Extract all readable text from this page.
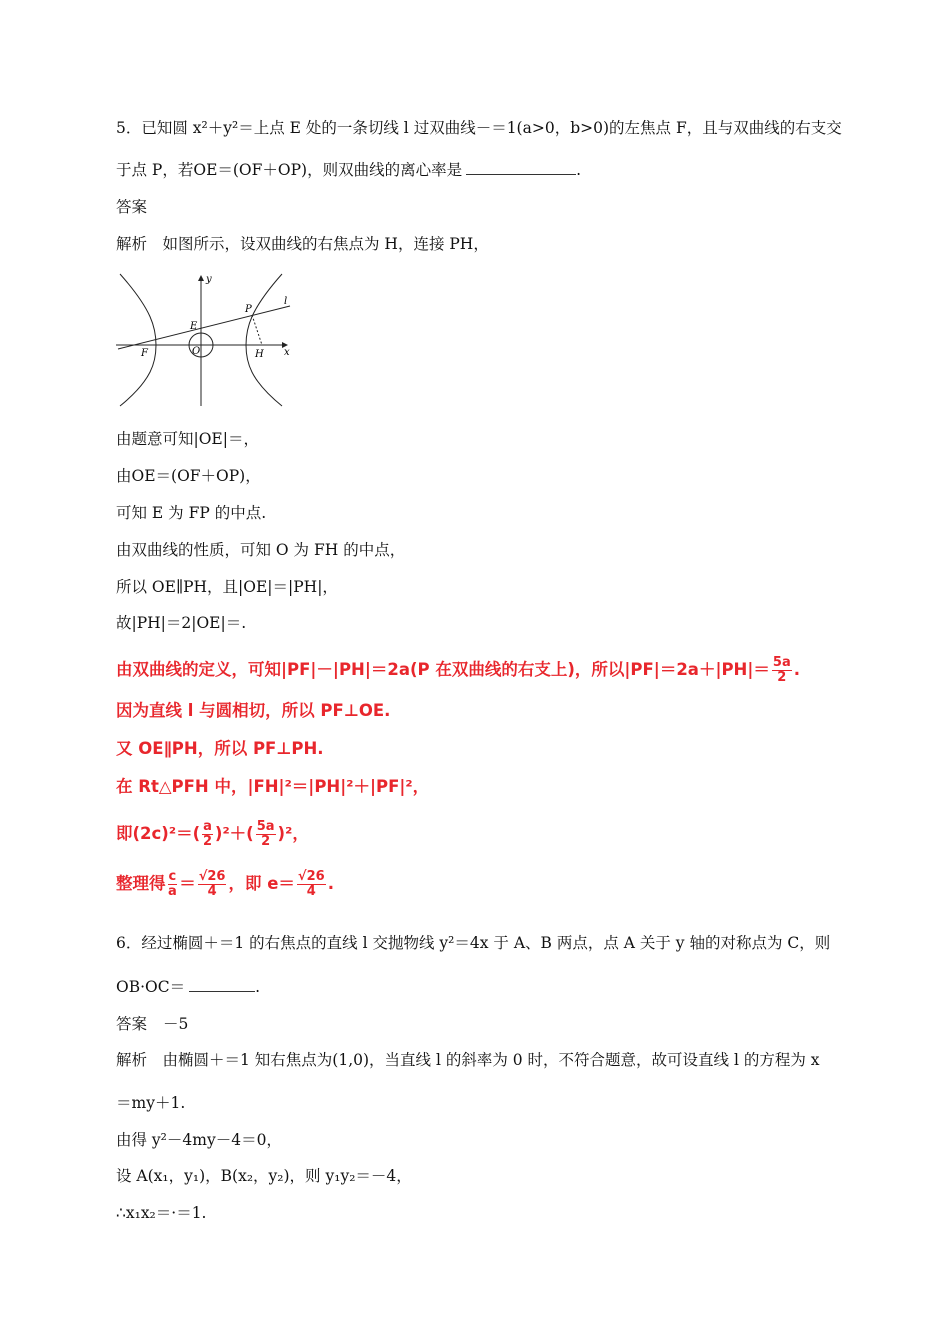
5．已知圆 x²＋y²＝上点 E 处的一条切线 l 过双曲线－＝1(a>0，b>0)的左焦点 F，且与双曲线的右支交
于点 P，若OE＝(OF＋OP)，则双曲线的离心率是	.
答案
解析　如图所示，设双曲线的右焦点为 H，连接 PH，
y
x
P
l
E
F	O	H
由题意可知|OE|＝，
由OE＝(OF＋OP)，
可知 E 为 FP 的中点.
由双曲线的性质，可知 O 为 FH 的中点，
所以 OE∥PH，且|OE|＝|PH|，
故|PH|＝2|OE|＝.
由双曲线的定义，可知|PF|－|PH|＝2a(P 在双曲线的右支上)，所以$|PF|=2a+|PH|= \frac{5a}{2}$ .
因为直线 l 与圆相切，所以 PF⊥OE.
又 OE∥PH，所以 PF⊥PH.
在 Rt△PFH 中，|FH|²＝|PH|²＋|PF|²，
即$(2c)^2=( \frac{a}{2} )^2+( \frac{5a}{2} )^2$，
整理得 $\frac{c}{a} = \frac{√26}{4}$ ，即 $e= \frac{√26}{4}$ .
6．经过椭圆＋＝1 的右焦点的直线 l 交抛物线 y²＝4x 于 A、B 两点，点 A 关于 y 轴的对称点为 C，则
OB·OC＝	.
答案 －5
解析　由椭圆＋＝1 知右焦点为(1,0)，当直线 l 的斜率为 0 时，不符合题意，故可设直线 l 的方程为 x
＝my＋1.
由得 y²－4my－4＝0，
设 A(x₁，y₁)，B(x₂，y₂)，则 y₁y₂＝－4，
∴x₁x₂＝·＝1.
